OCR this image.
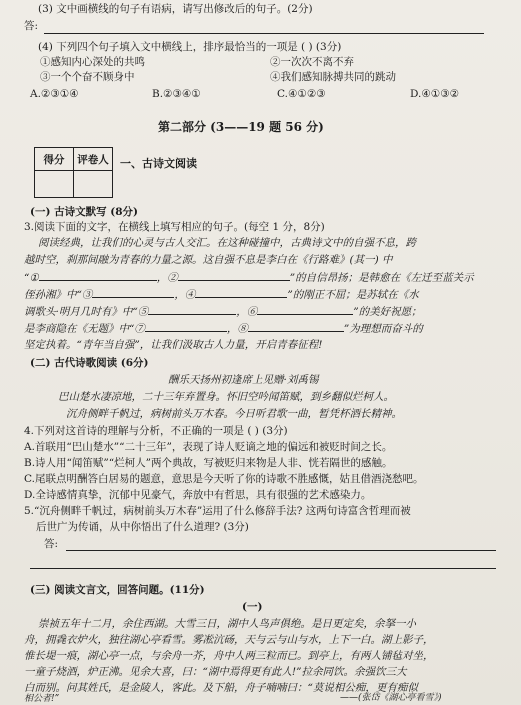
(3) 文中画横线的句子有语病，请写出修改后的句子。(2分)
答:
(4) 下列四个句子填入文中横线上，排序最恰当的一项是 ( ) (3分)
①感知内心深处的共鸣	②一次次不离不弃
③一个个奋不顾身中	④我们感知脉搏共同的跳动
A.②③①④	B.②③④①	C.④①②③	D.④①③②
第二部分 (3——19 题 56 分)
得分	评卷人
	一、古诗文阅读
(一) 古诗文默写 (8分)
3.阅读下面的文字，在横线上填写相应的句子。(每空 1 分，8分)
阅读经典，让我们的心灵与古人交汇。在这种碰撞中，古典诗文中的自强不息，跨
越时空，刹那间融为青春的力量之源。这自强不息是李白在《行路难》(其一) 中
“①	，②	”的自信昂扬；是韩愈在《左迁至蓝关示
侄孙湘》中“③	，④	”的刚正不屈；是苏轼在《水
调歌头·明月几时有》中“⑤	，⑥	”的美好祝愿；
是李商隐在《无题》中“⑦	，⑧	”为理想而奋斗的
坚定执着。“青年当自强”，让我们汲取古人力量，开启青春征程!
(二) 古代诗歌阅读 (6分)
酬乐天扬州初逢席上见赠·刘禹锡
巴山楚水凄凉地，二十三年弃置身。怀旧空吟闻笛赋，到乡翻似烂柯人。
沉舟侧畔千帆过，病树前头万木春。今日听君歌一曲，暂凭杯酒长精神。
4.下列对这首诗的理解与分析，不正确的一项是 ( ) (3分)
A.首联用“巴山楚水”“二十三年”，表现了诗人贬谪之地的偏远和被贬时间之长。
B.诗人用“闻笛赋”“烂柯人”两个典故，写被贬归来物是人非、恍若隔世的感触。
C.尾联点明酬答白居易的题意，意思是今天听了你的诗歌不胜感慨，姑且借酒浇愁吧。
D.全诗感情真挚，沉郁中见豪气，奔放中有哲思，具有很强的艺术感染力。
5.“沉舟侧畔千帆过，病树前头万木春”运用了什么修辞手法? 这两句诗富含哲理而被
后世广为传诵，从中你悟出了什么道理? (3分)
答:
(三) 阅读文言文，回答问题。(11分)
(一)
崇祯五年十二月，余住西湖。大雪三日，湖中人鸟声俱绝。是日更定矣，余拏一小
舟，拥毳衣炉火，独往湖心亭看雪。雾凇沆砀，天与云与山与水，上下一白。湖上影子，
惟长堤一痕，湖心亭一点，与余舟一芥，舟中人两三粒而已。到亭上，有两人铺毡对坐，
一童子烧酒，炉正沸。见余大喜，曰：“湖中焉得更有此人!”拉余同饮。余强饮三大
白而别。问其姓氏，是金陵人，客此。及下船，舟子喃喃曰：“莫说相公痴，更有痴似
相公者!”	——(张岱《湖心亭看雪》)
